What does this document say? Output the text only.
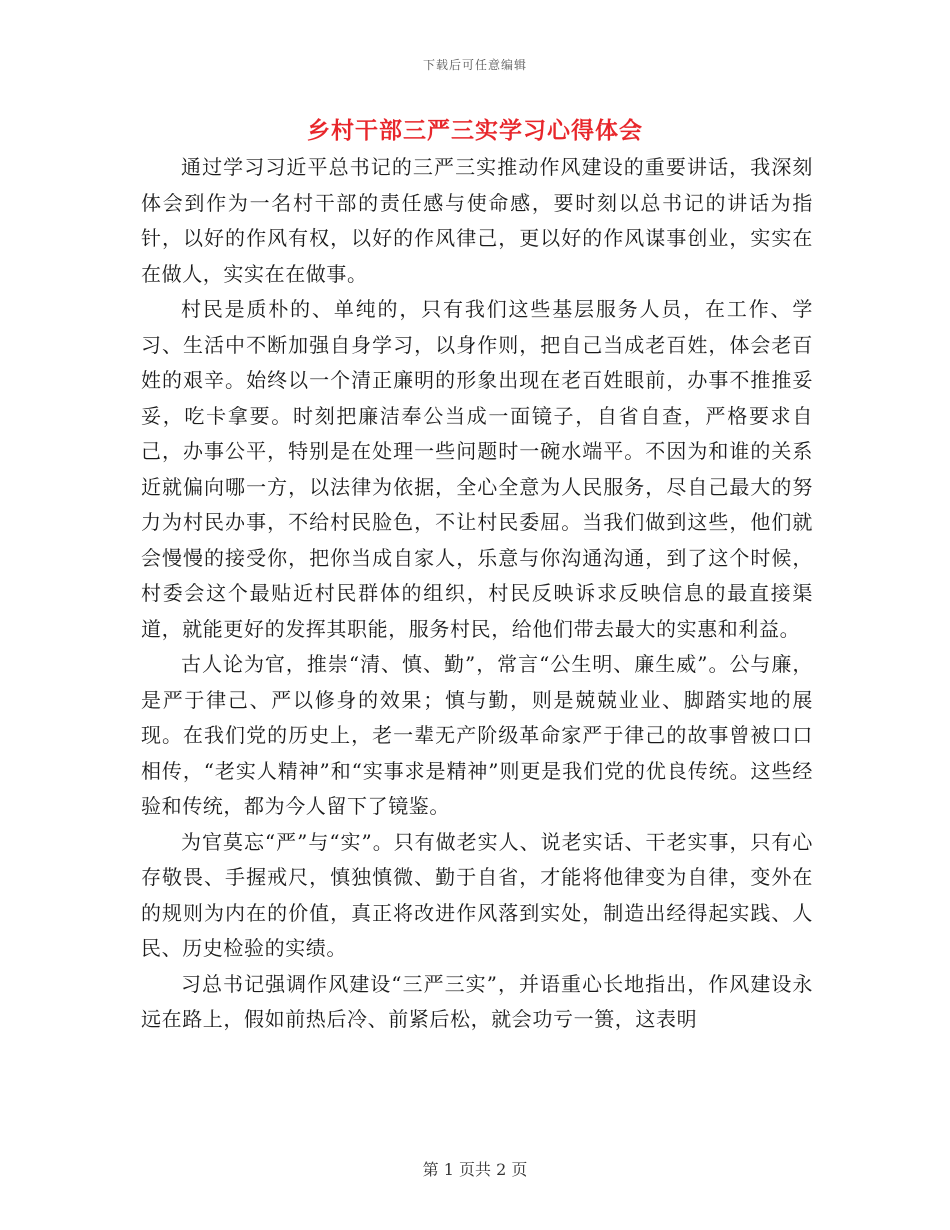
下载后可任意编辑
乡村干部三严三实学习心得体会

通过学习习近平总书记的三严三实推动作风建设的重要讲话，我深刻体会到作为一名村干部的责任感与使命感，要时刻以总书记的讲话为指针，以好的作风有权，以好的作风律己，更以好的作风谋事创业，实实在在做人，实实在在做事。

村民是质朴的、单纯的，只有我们这些基层服务人员，在工作、学习、生活中不断加强自身学习，以身作则，把自己当成老百姓，体会老百姓的艰辛。始终以一个清正廉明的形象出现在老百姓眼前，办事不推推妥妥，吃卡拿要。时刻把廉洁奉公当成一面镜子，自省自查，严格要求自己，办事公平，特别是在处理一些问题时一碗水端平。不因为和谁的关系近就偏向哪一方，以法律为依据，全心全意为人民服务，尽自己最大的努力为村民办事，不给村民脸色，不让村民委屈。当我们做到这些，他们就会慢慢的接受你，把你当成自家人，乐意与你沟通沟通，到了这个时候，村委会这个最贴近村民群体的组织，村民反映诉求反映信息的最直接渠道，就能更好的发挥其职能，服务村民，给他们带去最大的实惠和利益。

古人论为官，推崇“清、慎、勤”，常言“公生明、廉生威”。公与廉，是严于律己、严以修身的效果；慎与勤，则是兢兢业业、脚踏实地的展现。在我们党的历史上，老一辈无产阶级革命家严于律己的故事曾被口口相传，“老实人精神”和“实事求是精神”则更是我们党的优良传统。这些经验和传统，都为今人留下了镜鉴。

为官莫忘“严”与“实”。只有做老实人、说老实话、干老实事，只有心存敬畏、手握戒尺，慎独慎微、勤于自省，才能将他律变为自律，变外在的规则为内在的价值，真正将改进作风落到实处，制造出经得起实践、人民、历史检验的实绩。

习总书记强调作风建设“三严三实”，并语重心长地指出，作风建设永远在路上，假如前热后冷、前紧后松，就会功亏一篑，这表明

第 1 页共 2 页
